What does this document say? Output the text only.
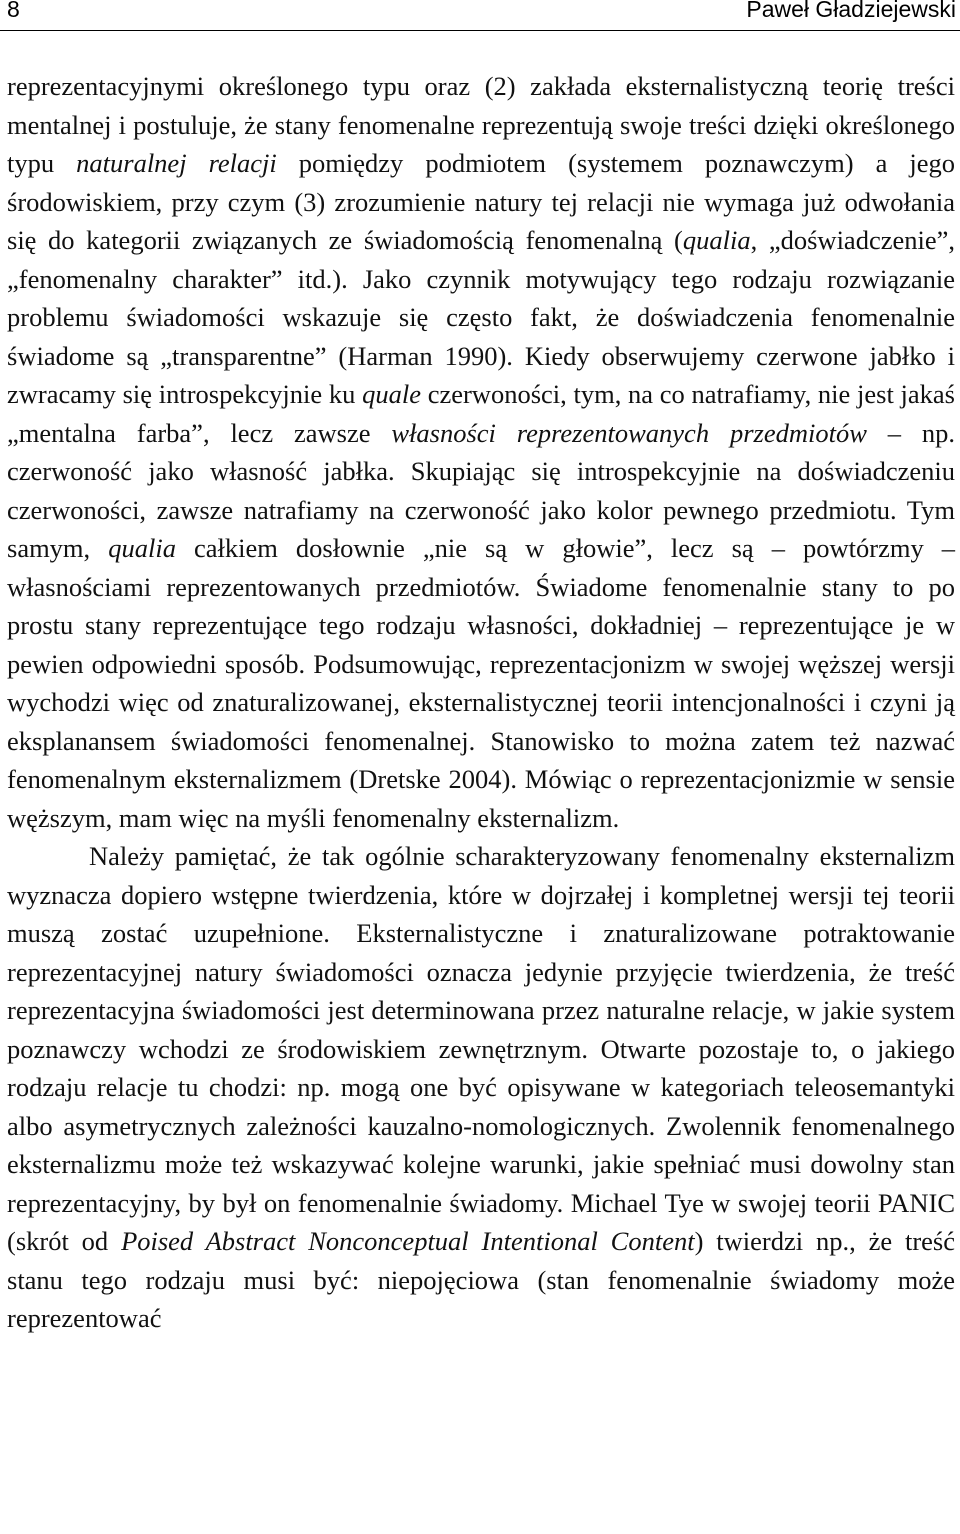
8	Paweł Gładziejewski

reprezentacyjnymi określonego typu oraz (2) zakłada eksternalistyczną teorię treści mentalnej i postuluje, że stany fenomenalne reprezentują swoje treści dzięki określonego typu naturalnej relacji pomiędzy podmiotem (systemem poznawczym) a jego środowiskiem, przy czym (3) zrozumienie natury tej relacji nie wymaga już odwołania się do kategorii związanych ze świadomością fenomenalną (qualia, „doświadczenie”, „fenomenalny charakter” itd.). Jako czynnik motywujący tego rodzaju rozwiązanie problemu świadomości wskazuje się często fakt, że doświadczenia fenomenalnie świadome są „transparentne” (Harman 1990). Kiedy obserwujemy czerwone jabłko i zwracamy się introspekcyjnie ku quale czerwoności, tym, na co natrafiamy, nie jest jakaś „mentalna farba”, lecz zawsze własności reprezentowanych przedmiotów – np. czerwoność jako własność jabłka. Skupiając się introspekcyjnie na doświadczeniu czerwoności, zawsze natrafiamy na czerwoność jako kolor pewnego przedmiotu. Tym samym, qualia całkiem dosłownie „nie są w głowie”, lecz są – powtórzmy – własnościami reprezentowanych przedmiotów. Świadome fenomenalnie stany to po prostu stany reprezentujące tego rodzaju własności, dokładniej – reprezentujące je w pewien odpowiedni sposób. Podsumowując, reprezentacjonizm w swojej węższej wersji wychodzi więc od znaturalizowanej, eksternalistycznej teorii intencjonalności i czyni ją eksplanansem świadomości fenomenalnej. Stanowisko to można zatem też nazwać fenomenalnym eksternalizmem (Dretske 2004). Mówiąc o reprezentacjonizmie w sensie węższym, mam więc na myśli fenomenalny eksternalizm.

Należy pamiętać, że tak ogólnie scharakteryzowany fenomenalny eksternalizm wyznacza dopiero wstępne twierdzenia, które w dojrzałej i kompletnej wersji tej teorii muszą zostać uzupełnione. Eksternalistyczne i znaturalizowane potraktowanie reprezentacyjnej natury świadomości oznacza jedynie przyjęcie twierdzenia, że treść reprezentacyjna świadomości jest determinowana przez naturalne relacje, w jakie system poznawczy wchodzi ze środowiskiem zewnętrznym. Otwarte pozostaje to, o jakiego rodzaju relacje tu chodzi: np. mogą one być opisywane w kategoriach teleosemantyki albo asymetrycznych zależności kauzalno-nomologicznych. Zwolennik fenomenalnego eksternalizmu może też wskazywać kolejne warunki, jakie spełniać musi dowolny stan reprezentacyjny, by był on fenomenalnie świadomy. Michael Tye w swojej teorii PANIC (skrót od Poised Abstract Nonconceptual Intentional Content) twierdzi np., że treść stanu tego rodzaju musi być: niepojęciowa (stan fenomenalnie świadomy może reprezentować
